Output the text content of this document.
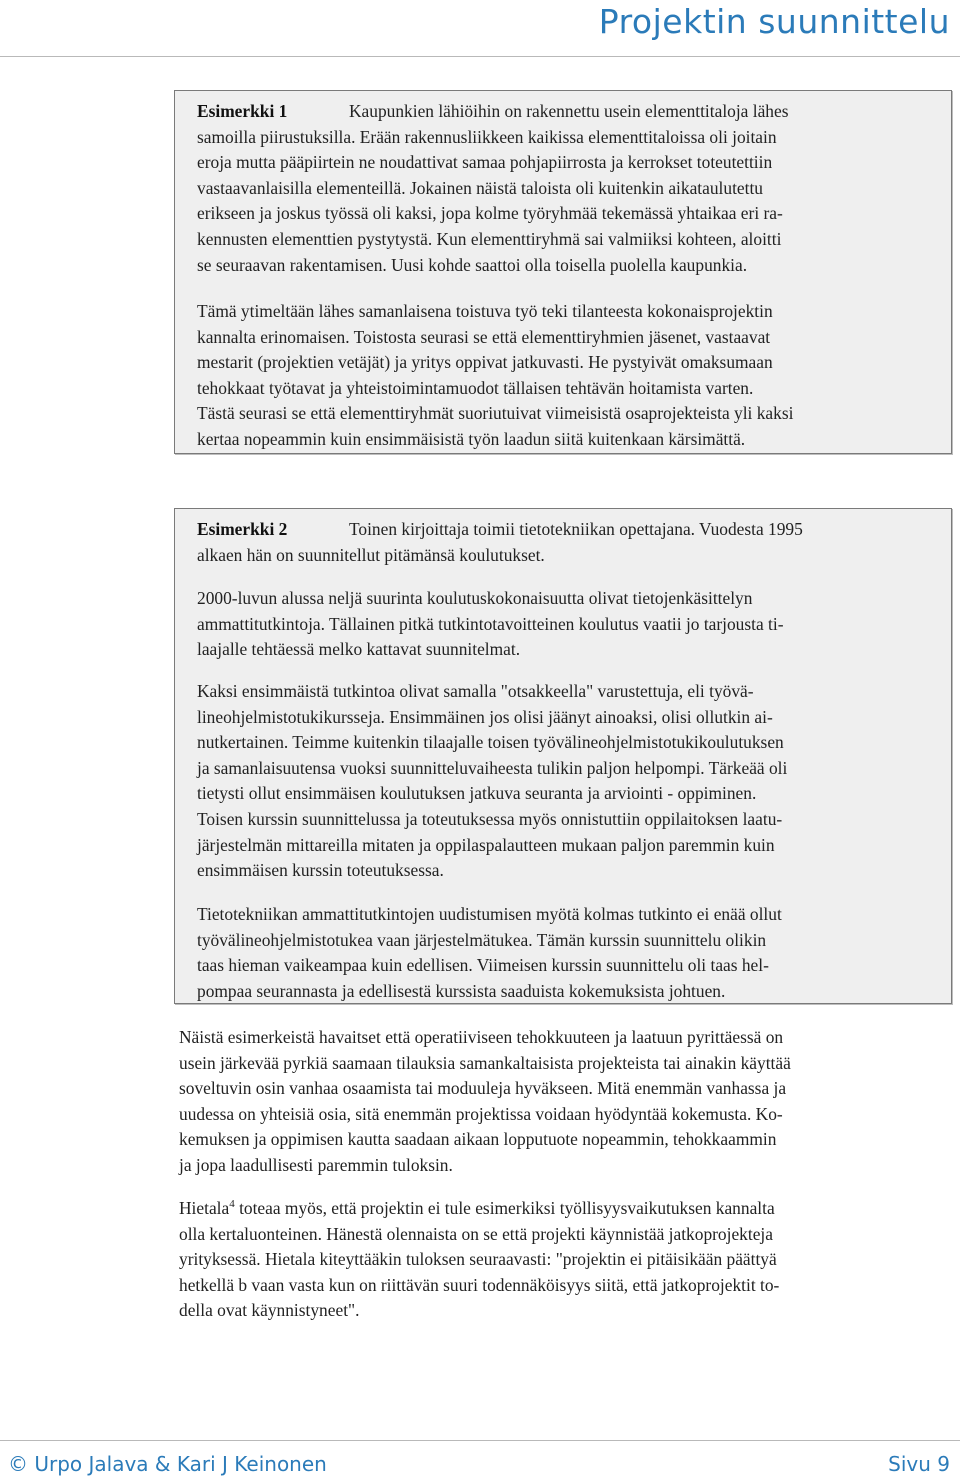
Projektin suunnittelu
Esimerkki 1	Kaupunkien lähiöihin on rakennettu usein elementtitaloja lähes
samoilla piirustuksilla. Erään rakennusliikkeen kaikissa elementtitaloissa oli joitain
eroja mutta pääpiirtein ne noudattivat samaa pohjapiirrosta ja kerrokset toteutettiin
vastaavanlaisilla elementeillä. Jokainen näistä taloista oli kuitenkin aikataulutettu
erikseen ja joskus työssä oli kaksi, jopa kolme työryhmää tekemässä yhtaikaa eri ra-
kennusten elementtien pystytystä. Kun elementtiryhmä sai valmiiksi kohteen, aloitti
se seuraavan rakentamisen. Uusi kohde saattoi olla toisella puolella kaupunkia.
Tämä ytimeltään lähes samanlaisena toistuva työ teki tilanteesta kokonaisprojektin
kannalta erinomaisen. Toistosta seurasi se että elementtiryhmien jäsenet, vastaavat
mestarit (projektien vetäjät) ja yritys oppivat jatkuvasti. He pystyivät omaksumaan
tehokkaat työtavat ja yhteistoimintamuodot tällaisen tehtävän hoitamista varten.
Tästä seurasi se että elementtiryhmät suoriutuivat viimeisistä osaprojekteista yli kaksi
kertaa nopeammin kuin ensimmäisistä työn laadun siitä kuitenkaan kärsimättä.
Esimerkki 2	Toinen kirjoittaja toimii tietotekniikan opettajana. Vuodesta 1995
alkaen hän on suunnitellut pitämänsä koulutukset.
2000-luvun alussa neljä suurinta koulutuskokonaisuutta olivat tietojenkäsittelyn
ammattitutkintoja. Tällainen pitkä tutkintotavoitteinen koulutus vaatii jo tarjousta ti-
laajalle tehtäessä melko kattavat suunnitelmat.
Kaksi ensimmäistä tutkintoa olivat samalla "otsakkeella" varustettuja, eli työvä-
lineohjelmistotukikursseja. Ensimmäinen jos olisi jäänyt ainoaksi, olisi ollutkin ai-
nutkertainen. Teimme kuitenkin tilaajalle toisen työvälineohjelmistotukikoulutuksen
ja samanlaisuutensa vuoksi suunnitteluvaiheesta tulikin paljon helpompi. Tärkeää oli
tietysti ollut ensimmäisen koulutuksen jatkuva seuranta ja arviointi - oppiminen.
Toisen kurssin suunnittelussa ja toteutuksessa myös onnistuttiin oppilaitoksen laatu-
järjestelmän mittareilla mitaten ja oppilaspalautteen mukaan paljon paremmin kuin
ensimmäisen kurssin toteutuksessa.
Tietotekniikan ammattitutkintojen uudistumisen myötä kolmas tutkinto ei enää ollut
työvälineohjelmistotukea vaan järjestelmätukea. Tämän kurssin suunnittelu olikin
taas hieman vaikeampaa kuin edellisen. Viimeisen kurssin suunnittelu oli taas hel-
pompaa seurannasta ja edellisestä kurssista saaduista kokemuksista johtuen.
Näistä esimerkeistä havaitset että operatiiviseen tehokkuuteen ja laatuun pyrittäessä on
usein järkevää pyrkiä saamaan tilauksia samankaltaisista projekteista tai ainakin käyttää
soveltuvin osin vanhaa osaamista tai moduuleja hyväkseen. Mitä enemmän vanhassa ja
uudessa on yhteisiä osia, sitä enemmän projektissa voidaan hyödyntää kokemusta. Ko-
kemuksen ja oppimisen kautta saadaan aikaan lopputuote nopeammin, tehokkaammin
ja jopa laadullisesti paremmin tuloksin.
Hietala$^4$ toteaa myös, että projektin ei tule esimerkiksi työllisyysvaikutuksen kannalta
olla kertaluonteinen. Hänestä olennaista on se että projekti käynnistää jatkoprojekteja
yrityksessä. Hietala kiteyttääkin tuloksen seuraavasti: "projektin ei pitäisikään päättyä
hetkellä b vaan vasta kun on riittävän suuri todennäköisyys siitä, että jatkoprojektit to-
della ovat käynnistyneet".
© Urpo Jalava & Kari J Keinonen	Sivu 9
